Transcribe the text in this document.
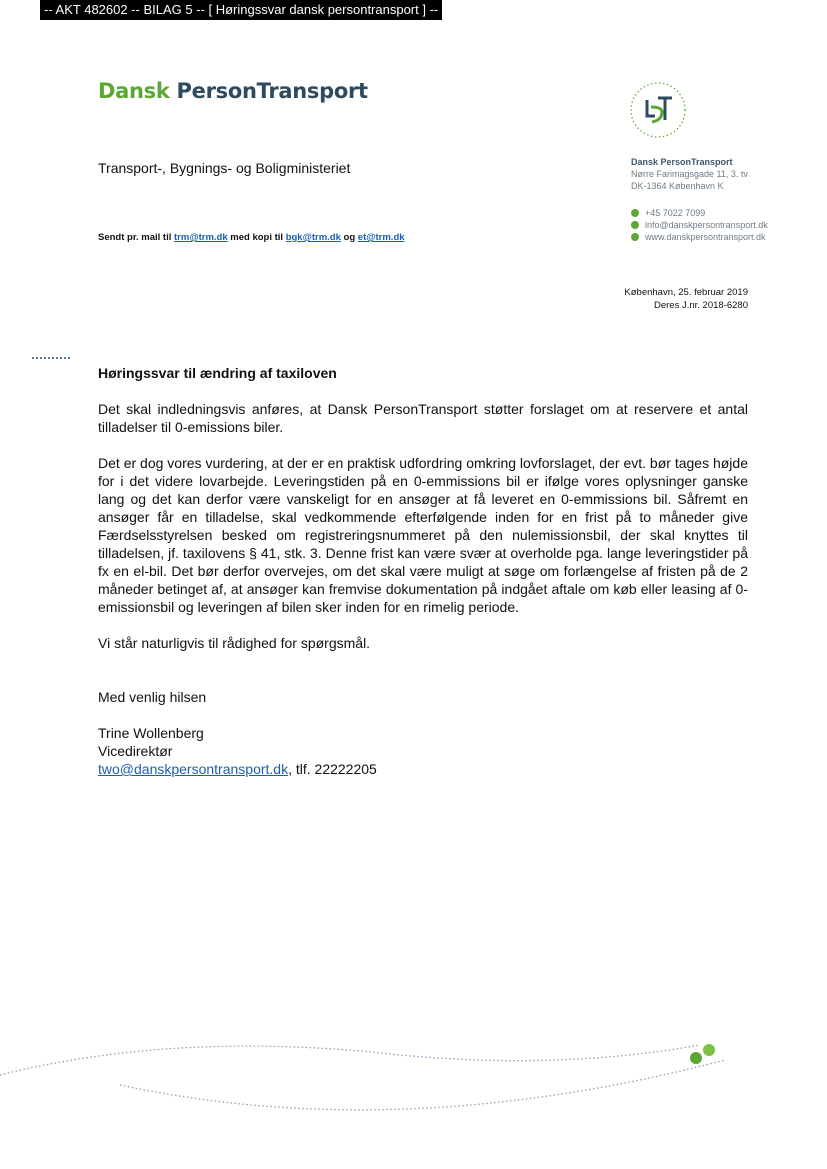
-- AKT 482602 -- BILAG 5 -- [ Høringssvar dansk persontransport ] --
Dansk PersonTransport
Transport-, Bygnings- og Boligministeriet
Sendt pr. mail til trm@trm.dk med kopi til bgk@trm.dk og et@trm.dk
Dansk PersonTransport
Nørre Farimagsgade 11, 3. tv
DK-1364 København K
+45 7022 7099
info@danskpersontransport.dk
www.danskpersontransport.dk
København, 25. februar 2019
Deres J.nr. 2018-6280
Høringssvar til ændring af taxiloven

Det skal indledningsvis anføres, at Dansk PersonTransport støtter forslaget om at reservere et antal tilladelser til 0-emissions biler.

Det er dog vores vurdering, at der er en praktisk udfordring omkring lovforslaget, der evt. bør tages højde for i det videre lovarbejde. Leveringstiden på en 0-emmissions bil er ifølge vores oplysninger ganske lang og det kan derfor være vanskeligt for en ansøger at få leveret en 0-emmissions bil. Såfremt en ansøger får en tilladelse, skal vedkommende efterfølgende inden for en frist på to måneder give Færdselsstyrelsen besked om registreringsnummeret på den nulemissionsbil, der skal knyttes til tilladelsen, jf. taxilovens § 41, stk. 3. Denne frist kan være svær at overholde pga. lange leveringstider på fx en el-bil. Det bør derfor overvejes, om det skal være muligt at søge om forlængelse af fristen på de 2 måneder betinget af, at ansøger kan fremvise dokumentation på indgået aftale om køb eller leasing af 0-emissionsbil og leveringen af bilen sker inden for en rimelig periode.

Vi står naturligvis til rådighed for spørgsmål.

Med venlig hilsen

Trine Wollenberg

Vicedirektør

two@danskpersontransport.dk, tlf. 22222205
